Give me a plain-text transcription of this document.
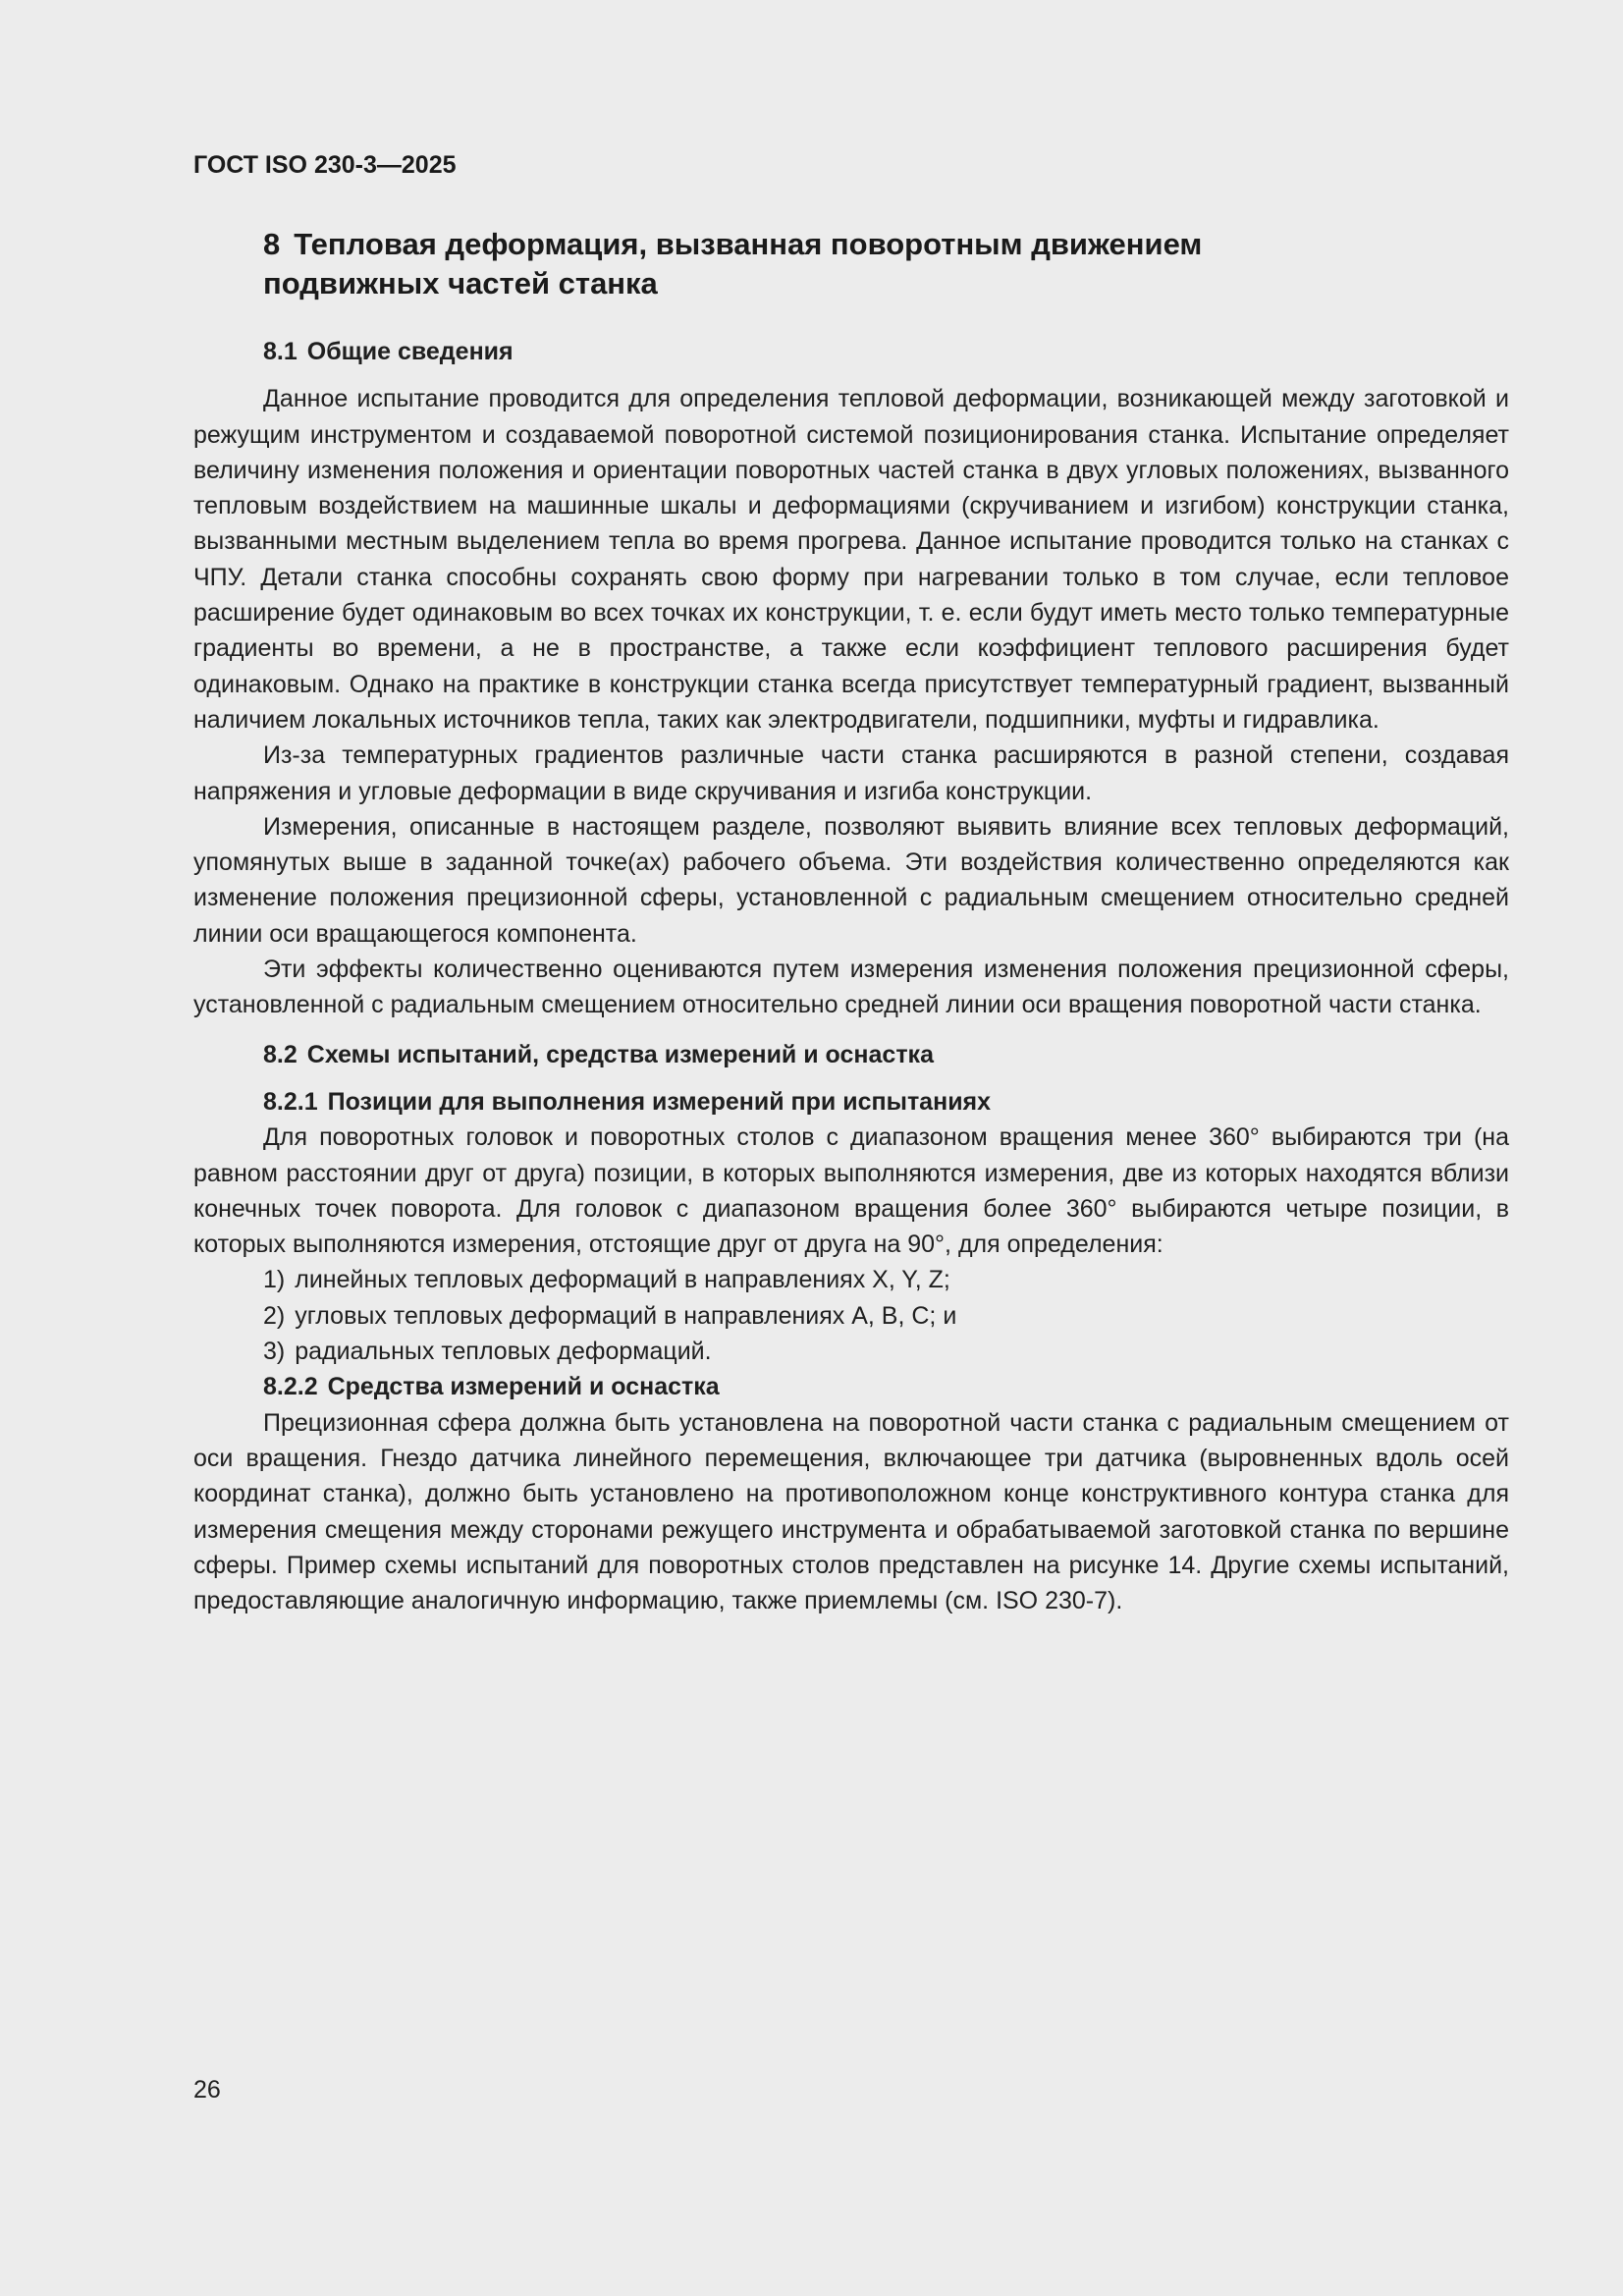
ГОСТ ISO 230-3—2025
8 Тепловая деформация, вызванная поворотным движением подвижных частей станка
8.1 Общие сведения

Данное испытание проводится для определения тепловой деформации, возникающей между заготовкой и режущим инструментом и создаваемой поворотной системой позиционирования станка. Испытание определяет величину изменения положения и ориентации поворотных частей станка в двух угловых положениях, вызванного тепловым воздействием на машинные шкалы и деформациями (скручиванием и изгибом) конструкции станка, вызванными местным выделением тепла во время прогрева. Данное испытание проводится только на станках с ЧПУ. Детали станка способны сохранять свою форму при нагревании только в том случае, если тепловое расширение будет одинаковым во всех точках их конструкции, т. е. если будут иметь место только температурные градиенты во времени, а не в пространстве, а также если коэффициент теплового расширения будет одинаковым. Однако на практике в конструкции станка всегда присутствует температурный градиент, вызванный наличием локальных источников тепла, таких как электродвигатели, подшипники, муфты и гидравлика.

Из-за температурных градиентов различные части станка расширяются в разной степени, создавая напряжения и угловые деформации в виде скручивания и изгиба конструкции.

Измерения, описанные в настоящем разделе, позволяют выявить влияние всех тепловых деформаций, упомянутых выше в заданной точке(ах) рабочего объема. Эти воздействия количественно определяются как изменение положения прецизионной сферы, установленной с радиальным смещением относительно средней линии оси вращающегося компонента.

Эти эффекты количественно оцениваются путем измерения изменения положения прецизионной сферы, установленной с радиальным смещением относительно средней линии оси вращения поворотной части станка.

8.2 Схемы испытаний, средства измерений и оснастка
8.2.1 Позиции для выполнения измерений при испытаниях

Для поворотных головок и поворотных столов с диапазоном вращения менее 360° выбираются три (на равном расстоянии друг от друга) позиции, в которых выполняются измерения, две из которых находятся вблизи конечных точек поворота. Для головок с диапазоном вращения более 360° выбираются четыре позиции, в которых выполняются измерения, отстоящие друг от друга на 90°, для определения:

1) линейных тепловых деформаций в направлениях X, Y, Z;
2) угловых тепловых деформаций в направлениях A, B, C; и
3) радиальных тепловых деформаций.
8.2.2 Средства измерений и оснастка

Прецизионная сфера должна быть установлена на поворотной части станка с радиальным смещением от оси вращения. Гнездо датчика линейного перемещения, включающее три датчика (выровненных вдоль осей координат станка), должно быть установлено на противоположном конце конструктивного контура станка для измерения смещения между сторонами режущего инструмента и обрабатываемой заготовкой станка по вершине сферы. Пример схемы испытаний для поворотных столов представлен на рисунке 14. Другие схемы испытаний, предоставляющие аналогичную информацию, также приемлемы (см. ISO 230-7).

26
